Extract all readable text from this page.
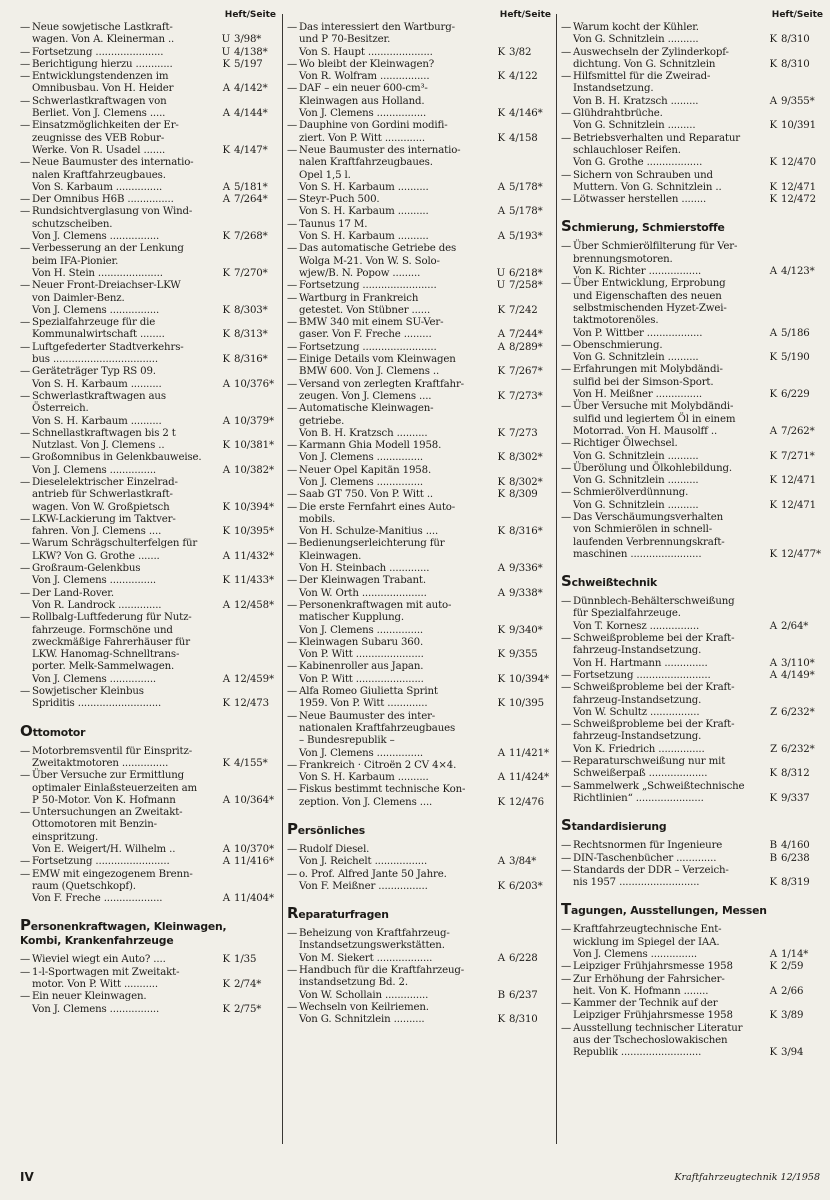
Heft/Seite
— Neue sowjetische Lastkraft-
wagen. Von A. Kleinerman ..	U 3/98*
— Fortsetzung ......................	U 4/138*
— Berichtigung hierzu ............	K 5/197
— Entwicklungstendenzen im
Omnibusbau. Von H. Heider	A 4/142*
— Schwerlastkraftwagen von
Berliet. Von J. Clemens .....	A 4/144*
— Einsatzmöglichkeiten der Er-
zeugnisse des VEB Robur-
Werke. Von R. Usadel .......	K 4/147*
— Neue Baumuster des internatio-
nalen Kraftfahrzeugbaues.
Von S. Karbaum ...............	A 5/181*
— Der Omnibus H6B ...............	A 7/264*
— Rundsichtverglasung von Wind-
schutzscheiben.
Von J. Clemens ................	K 7/268*
— Verbesserung an der Lenkung
beim IFA-Pionier.
Von H. Stein .....................	K 7/270*
— Neuer Front-Dreiachser-LKW
von Daimler-Benz.
Von J. Clemens ................	K 8/303*
— Spezialfahrzeuge für die
Kommunalwirtschaft ........	K 8/313*
— Luftgefederter Stadtverkehrs-
bus ..................................	K 8/316*
— Geräteträger Typ RS 09.
Von S. H. Karbaum ..........	A 10/376*
— Schwerlastkraftwagen aus
Österreich.
Von S. H. Karbaum ..........	A 10/379*
— Schnellastkraftwagen bis 2 t
Nutzlast. Von J. Clemens ..	K 10/381*
— Großomnibus in Gelenkbauweise.
Von J. Clemens ...............	A 10/382*
— Dieselelektrischer Einzelrad-
antrieb für Schwerlastkraft-
wagen. Von W. Großpietsch	K 10/394*
— LKW-Lackierung im Taktver-
fahren. Von J. Clemens ....	K 10/395*
— Warum Schrägschulterfelgen für
LKW? Von G. Grothe .......	A 11/432*
— Großraum-Gelenkbus
Von J. Clemens ...............	K 11/433*
— Der Land-Rover.
Von R. Landrock ..............	A 12/458*
— Rollbalg-Luftfederung für Nutz-
fahrzeuge. Formschöne und
zweckmäßige Fahrerhäuser für
LKW. Hanomag-Schnelltrans-
porter. Melk-Sammelwagen.
Von J. Clemens ...............	A 12/459*
— Sowjetischer Kleinbus
Spriditis ...........................	K 12/473
Ottomotor
— Motorbremsventil für Einspritz-
Zweitaktmotoren ...............	K 4/155*
— Über Versuche zur Ermittlung
optimaler Einlaßsteuerzeiten am
P 50-Motor. Von K. Hofmann	A 10/364*
— Untersuchungen an Zweitakt-
Ottomotoren mit Benzin-
einspritzung.
Von E. Weigert/H. Wilhelm ..	A 10/370*
— Fortsetzung ........................	A 11/416*
— EMW mit eingezogenem Brenn-
raum (Quetschkopf).
Von F. Freche ...................	A 11/404*
Personenkraftwagen, Kleinwagen,
Kombi, Krankenfahrzeuge
— Wieviel wiegt ein Auto? ....	K 1/35
— 1-l-Sportwagen mit Zweitakt-
motor. Von P. Witt ...........	K 2/74*
— Ein neuer Kleinwagen.
Von J. Clemens ................	K 2/75*
Heft/Seite
— Das interessiert den Wartburg-
und P 70-Besitzer.
Von S. Haupt .....................	K 3/82
— Wo bleibt der Kleinwagen?
Von R. Wolfram ................	K 4/122
— DAF – ein neuer 600-cm³-
Kleinwagen aus Holland.
Von J. Clemens ................	K 4/146*
— Dauphine von Gordini modifi-
ziert. Von P. Witt .............	K 4/158
— Neue Baumuster des internatio-
nalen Kraftfahrzeugbaues.
Opel 1,5 l.
Von S. H. Karbaum ..........	A 5/178*
— Steyr-Puch 500.
Von S. H. Karbaum ..........	A 5/178*
— Taunus 17 M.
Von S. H. Karbaum ..........	A 5/193*
— Das automatische Getriebe des
Wolga M-21. Von W. S. Solo-
wjew/B. N. Popow .........	U 6/218*
— Fortsetzung ........................	U 7/258*
— Wartburg in Frankreich
getestet. Von Stübner ......	K 7/242
— BMW 340 mit einem SU-Ver-
gaser. Von F. Freche .........	A 7/244*
— Fortsetzung ........................	A 8/289*
— Einige Details vom Kleinwagen
BMW 600. Von J. Clemens ..	K 7/267*
— Versand von zerlegten Kraftfahr-
zeugen. Von J. Clemens ....	K 7/273*
— Automatische Kleinwagen-
getriebe.
Von B. H. Kratzsch ..........	K 7/273
— Karmann Ghia Modell 1958.
Von J. Clemens ...............	K 8/302*
— Neuer Opel Kapitän 1958.
Von J. Clemens ...............	K 8/302*
— Saab GT 750. Von P. Witt ..	K 8/309
— Die erste Fernfahrt eines Auto-
mobils.
Von H. Schulze-Manitius ....	K 8/316*
— Bedienungserleichterung für
Kleinwagen.
Von H. Steinbach .............	A 9/336*
— Der Kleinwagen Trabant.
Von W. Orth .....................	A 9/338*
— Personenkraftwagen mit auto-
matischer Kupplung.
Von J. Clemens ...............	K 9/340*
— Kleinwagen Subaru 360.
Von P. Witt ......................	K 9/355
— Kabinenroller aus Japan.
Von P. Witt ......................	K 10/394*
— Alfa Romeo Giulietta Sprint
1959. Von P. Witt .............	K 10/395
— Neue Baumuster des inter-
nationalen Kraftfahrzeugbaues
– Bundesrepublik –
Von J. Clemens ...............	A 11/421*
— Frankreich · Citroën 2 CV 4×4.
Von S. H. Karbaum ..........	A 11/424*
— Fiskus bestimmt technische Kon-
zeption. Von J. Clemens ....	K 12/476
Persönliches
— Rudolf Diesel.
Von J. Reichelt .................	A 3/84*
— o. Prof. Alfred Jante 50 Jahre.
Von F. Meißner ................	K 6/203*
Reparaturfragen
— Beheizung von Kraftfahrzeug-
Instandsetzungswerkstätten.
Von M. Siekert ..................	A 6/228
— Handbuch für die Kraftfahrzeug-
instandsetzung Bd. 2.
Von W. Schollain ..............	B 6/237
— Wechseln von Keilriemen.
Von G. Schnitzlein ..........	K 8/310
Heft/Seite
— Warum kocht der Kühler.
Von G. Schnitzlein ..........	K 8/310
— Auswechseln der Zylinderkopf-
dichtung. Von G. Schnitzlein	K 8/310
— Hilfsmittel für die Zweirad-
Instandsetzung.
Von B. H. Kratzsch .........	A 9/355*
— Glühdrahtbrüche.
Von G. Schnitzlein .........	K 10/391
— Betriebsverhalten und Reparatur
schlauchloser Reifen.
Von G. Grothe ..................	K 12/470
— Sichern von Schrauben und
Muttern. Von G. Schnitzlein ..	K 12/471
— Lötwasser herstellen ........	K 12/472
Schmierung, Schmierstoffe
— Über Schmierölfilterung für Ver-
brennungsmotoren.
Von K. Richter .................	A 4/123*
— Über Entwicklung, Erprobung
und Eigenschaften des neuen
selbstmischenden Hyzet-Zwei-
taktmotorenöles.
Von P. Wittber ..................	A 5/186
— Obenschmierung.
Von G. Schnitzlein ..........	K 5/190
— Erfahrungen mit Molybdändi-
sulfid bei der Simson-Sport.
Von H. Meißner ...............	K 6/229
— Über Versuche mit Molybdändi-
sulfid und legiertem Öl in einem
Motorrad. Von H. Mausolff ..	A 7/262*
— Richtiger Ölwechsel.
Von G. Schnitzlein ..........	K 7/271*
— Überölung und Ölkohlebildung.
Von G. Schnitzlein ..........	K 12/471
— Schmierölverdünnung.
Von G. Schnitzlein ..........	K 12/471
— Das Verschäumungsverhalten
von Schmierölen in schnell-
laufenden Verbrennungskraft-
maschinen .......................	K 12/477*
Schweißtechnik
— Dünnblech-Behälterschweißung
für Spezialfahrzeuge.
Von T. Kornesz ................	A 2/64*
— Schweißprobleme bei der Kraft-
fahrzeug-Instandsetzung.
Von H. Hartmann ..............	A 3/110*
— Fortsetzung ........................	A 4/149*
— Schweißprobleme bei der Kraft-
fahrzeug-Instandsetzung.
Von W. Schultz ................	Z 6/232*
— Schweißprobleme bei der Kraft-
fahrzeug-Instandsetzung.
Von K. Friedrich ...............	Z 6/232*
— Reparaturschweißung nur mit
Schweißerpaß ...................	K 8/312
— Sammelwerk „Schweißtechnische
Richtlinien“ ......................	K 9/337
Standardisierung
— Rechtsnormen für Ingenieure	B 4/160
— DIN-Taschenbücher .............	B 6/238
— Standards der DDR – Verzeich-
nis 1957 ..........................	K 8/319
Tagungen, Ausstellungen, Messen
— Kraftfahrzeugtechnische Ent-
wicklung im Spiegel der IAA.
Von J. Clemens ...............	A 1/14*
— Leipziger Frühjahrsmesse 1958	K 2/59
— Zur Erhöhung der Fahrsicher-
heit. Von K. Hofmann ........	A 2/66
— Kammer der Technik auf der
Leipziger Frühjahrsmesse 1958	K 3/89
— Ausstellung technischer Literatur
aus der Tschechoslowakischen
Republik ..........................	K 3/94
IV	Kraftfahrzeugtechnik 12/1958
